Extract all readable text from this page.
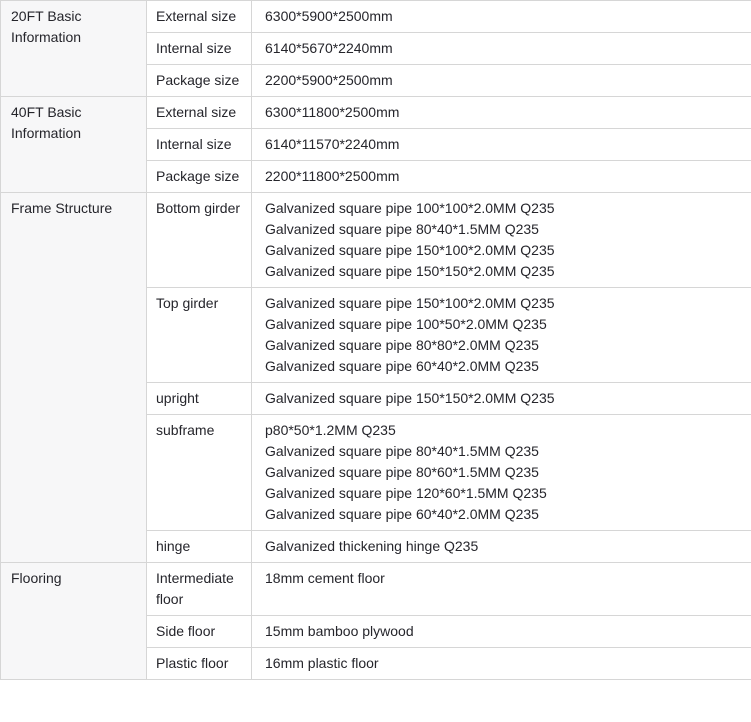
20FT Basic Information	External size	6300*5900*2500mm

	Internal size	6140*5670*2240mm

	Package size	2200*5900*2500mm

40FT Basic Information	External size	6300*11800*2500mm

	Internal size	6140*11570*2240mm

	Package size	2200*11800*2500mm

Frame Structure	Bottom girder	Galvanized square pipe 100*100*2.0MM Q235
Galvanized square pipe 80*40*1.5MM Q235
Galvanized square pipe 150*100*2.0MM Q235
Galvanized square pipe 150*150*2.0MM Q235

	Top girder	Galvanized square pipe 150*100*2.0MM Q235
Galvanized square pipe 100*50*2.0MM Q235
Galvanized square pipe 80*80*2.0MM Q235
Galvanized square pipe 60*40*2.0MM Q235

	upright	Galvanized square pipe 150*150*2.0MM Q235

	subframe	p80*50*1.2MM Q235
Galvanized square pipe 80*40*1.5MM Q235
Galvanized square pipe 80*60*1.5MM Q235
Galvanized square pipe 120*60*1.5MM Q235
Galvanized square pipe 60*40*2.0MM Q235

	hinge	Galvanized thickening hinge Q235

Flooring	Intermediate floor	18mm cement floor

	Side floor	15mm bamboo plywood

	Plastic floor	16mm plastic floor
